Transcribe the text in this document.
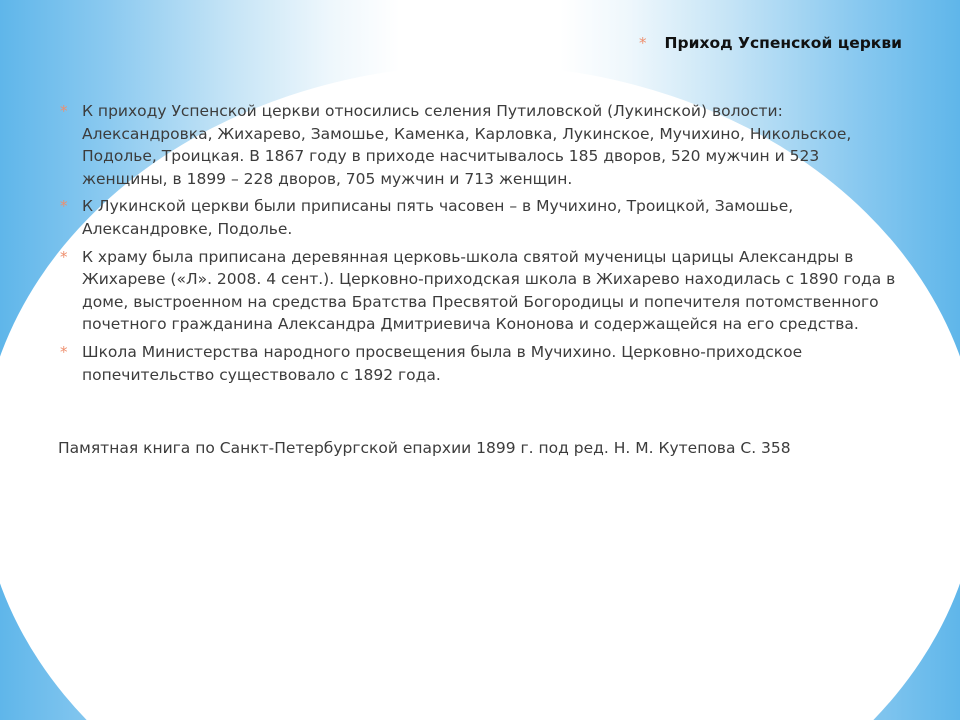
* Приход Успенской церкви
* К приходу Успенской церкви относились селения Путиловской (Лукинской) волости: Александровка, Жихарево, Замошье, Каменка, Карловка, Лукинское, Мучихино, Никольское, Подолье, Троицкая. В 1867 году в приходе насчитывалось 185 дворов, 520 мужчин и 523 женщины, в 1899 – 228 дворов, 705 мужчин и 713 женщин.
* К Лукинской церкви были приписаны пять часовен – в Мучихино, Троицкой, Замошье, Александровке, Подолье.
* К храму была приписана деревянная церковь-школа святой мученицы царицы Александры в Жихареве («Л». 2008. 4 сент.). Церковно-приходская школа в Жихарево находилась с 1890 года в доме, выстроенном на средства Братства Пресвятой Богородицы и попечителя потомственного почетного гражданина Александра Дмитриевича Кононова и содержащейся на его средства.
* Школа Министерства народного просвещения была в Мучихино. Церковно-приходское попечительство существовало с 1892 года.
Памятная книга по Санкт-Петербургской епархии 1899 г. под ред. Н. М. Кутепова С. 358
